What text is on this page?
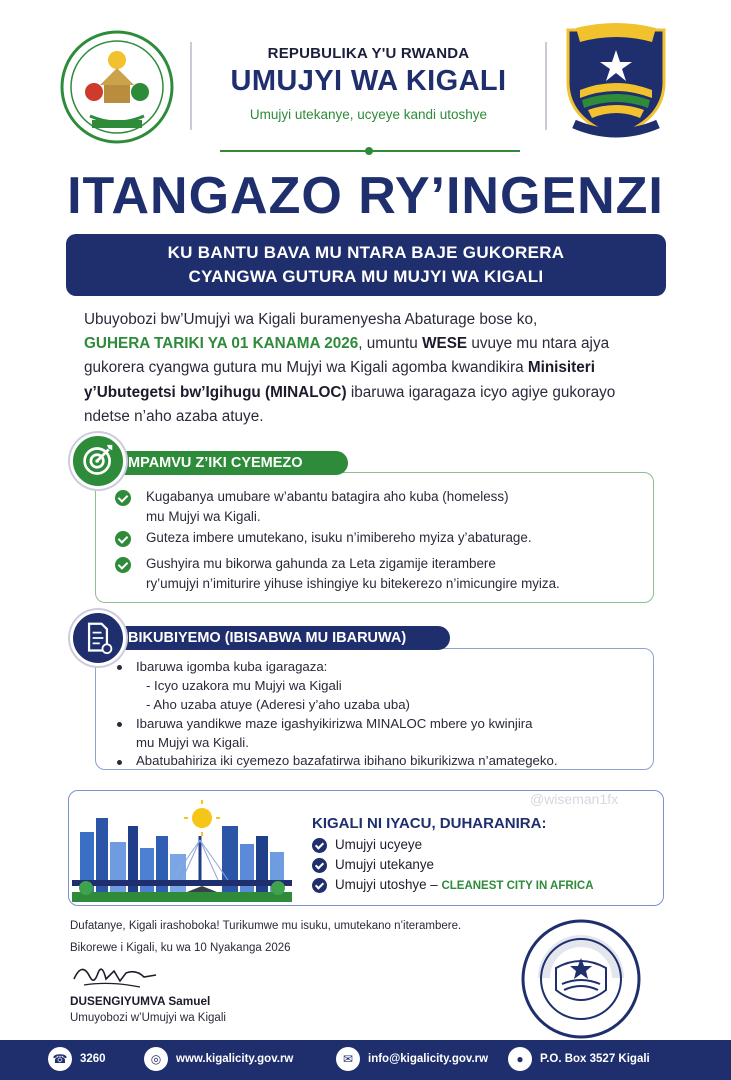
REPUBULIKA Y'U RWANDA
UMUJYI WA KIGALI
Umujyi utekanye, ucyeye kandi utoshye
ITANGAZO RY’INGENZI
KU BANTU BAVA MU NTARA BAJE GUKORERA
CYANGWA GUTURA MU MUJYI WA KIGALI
Ubuyobozi bw’Umujyi wa Kigali buramenyesha Abaturage bose ko,
GUHERA TARIKI YA 01 KANAMA 2026, umuntu WESE uvuye mu ntara ajya gukorera cyangwa gutura mu Mujyi wa Kigali agomba kwandikira Minisiteri y’Ubutegetsi bw’Igihugu (MINALOC) ibaruwa igaragaza icyo agiye gukorayo ndetse n’aho azaba atuye.
IMPAMVU Z’IKI CYEMEZO
Kugabanya umubare w’abantu batagira aho kuba (homeless)
mu Mujyi wa Kigali.
Guteza imbere umutekano, isuku n’imibereho myiza y’abaturage.
Gushyira mu bikorwa gahunda za Leta zigamije iterambere
ry’umujyi n’imiturire yihuse ishingiye ku bitekerezo n’imicungire myiza.
IBIKUBIYEMO (IBISABWA MU IBARUWA)
Ibaruwa igomba kuba igaragaza:
- Icyo uzakora mu Mujyi wa Kigali
- Aho uzaba atuye (Aderesi y’aho uzaba uba)
Ibaruwa yandikwe maze igashyikirizwa MINALOC mbere yo kwinjira
mu Mujyi wa Kigali.
Abatubahiriza iki cyemezo bazafatirwa ibihano bikurikizwa n’amategeko.
@wiseman1fx
KIGALI NI IYACU, DUHARANIRA:
Umujyi ucyeye
Umujyi utekanye
Umujyi utoshye – CLEANEST CITY IN AFRICA
Dufatanye, Kigali irashoboka! Turikumwe mu isuku, umutekano n’iterambere.
Bikorewe i Kigali, ku wa 10 Nyakanga 2026
DUSENGIYUMVA Samuel
Umuyobozi w’Umujyi wa Kigali
☎	3260	◎	www.kigalicity.gov.rw	✉	info@kigalicity.gov.rw	●	P.O. Box 3527 Kigali
